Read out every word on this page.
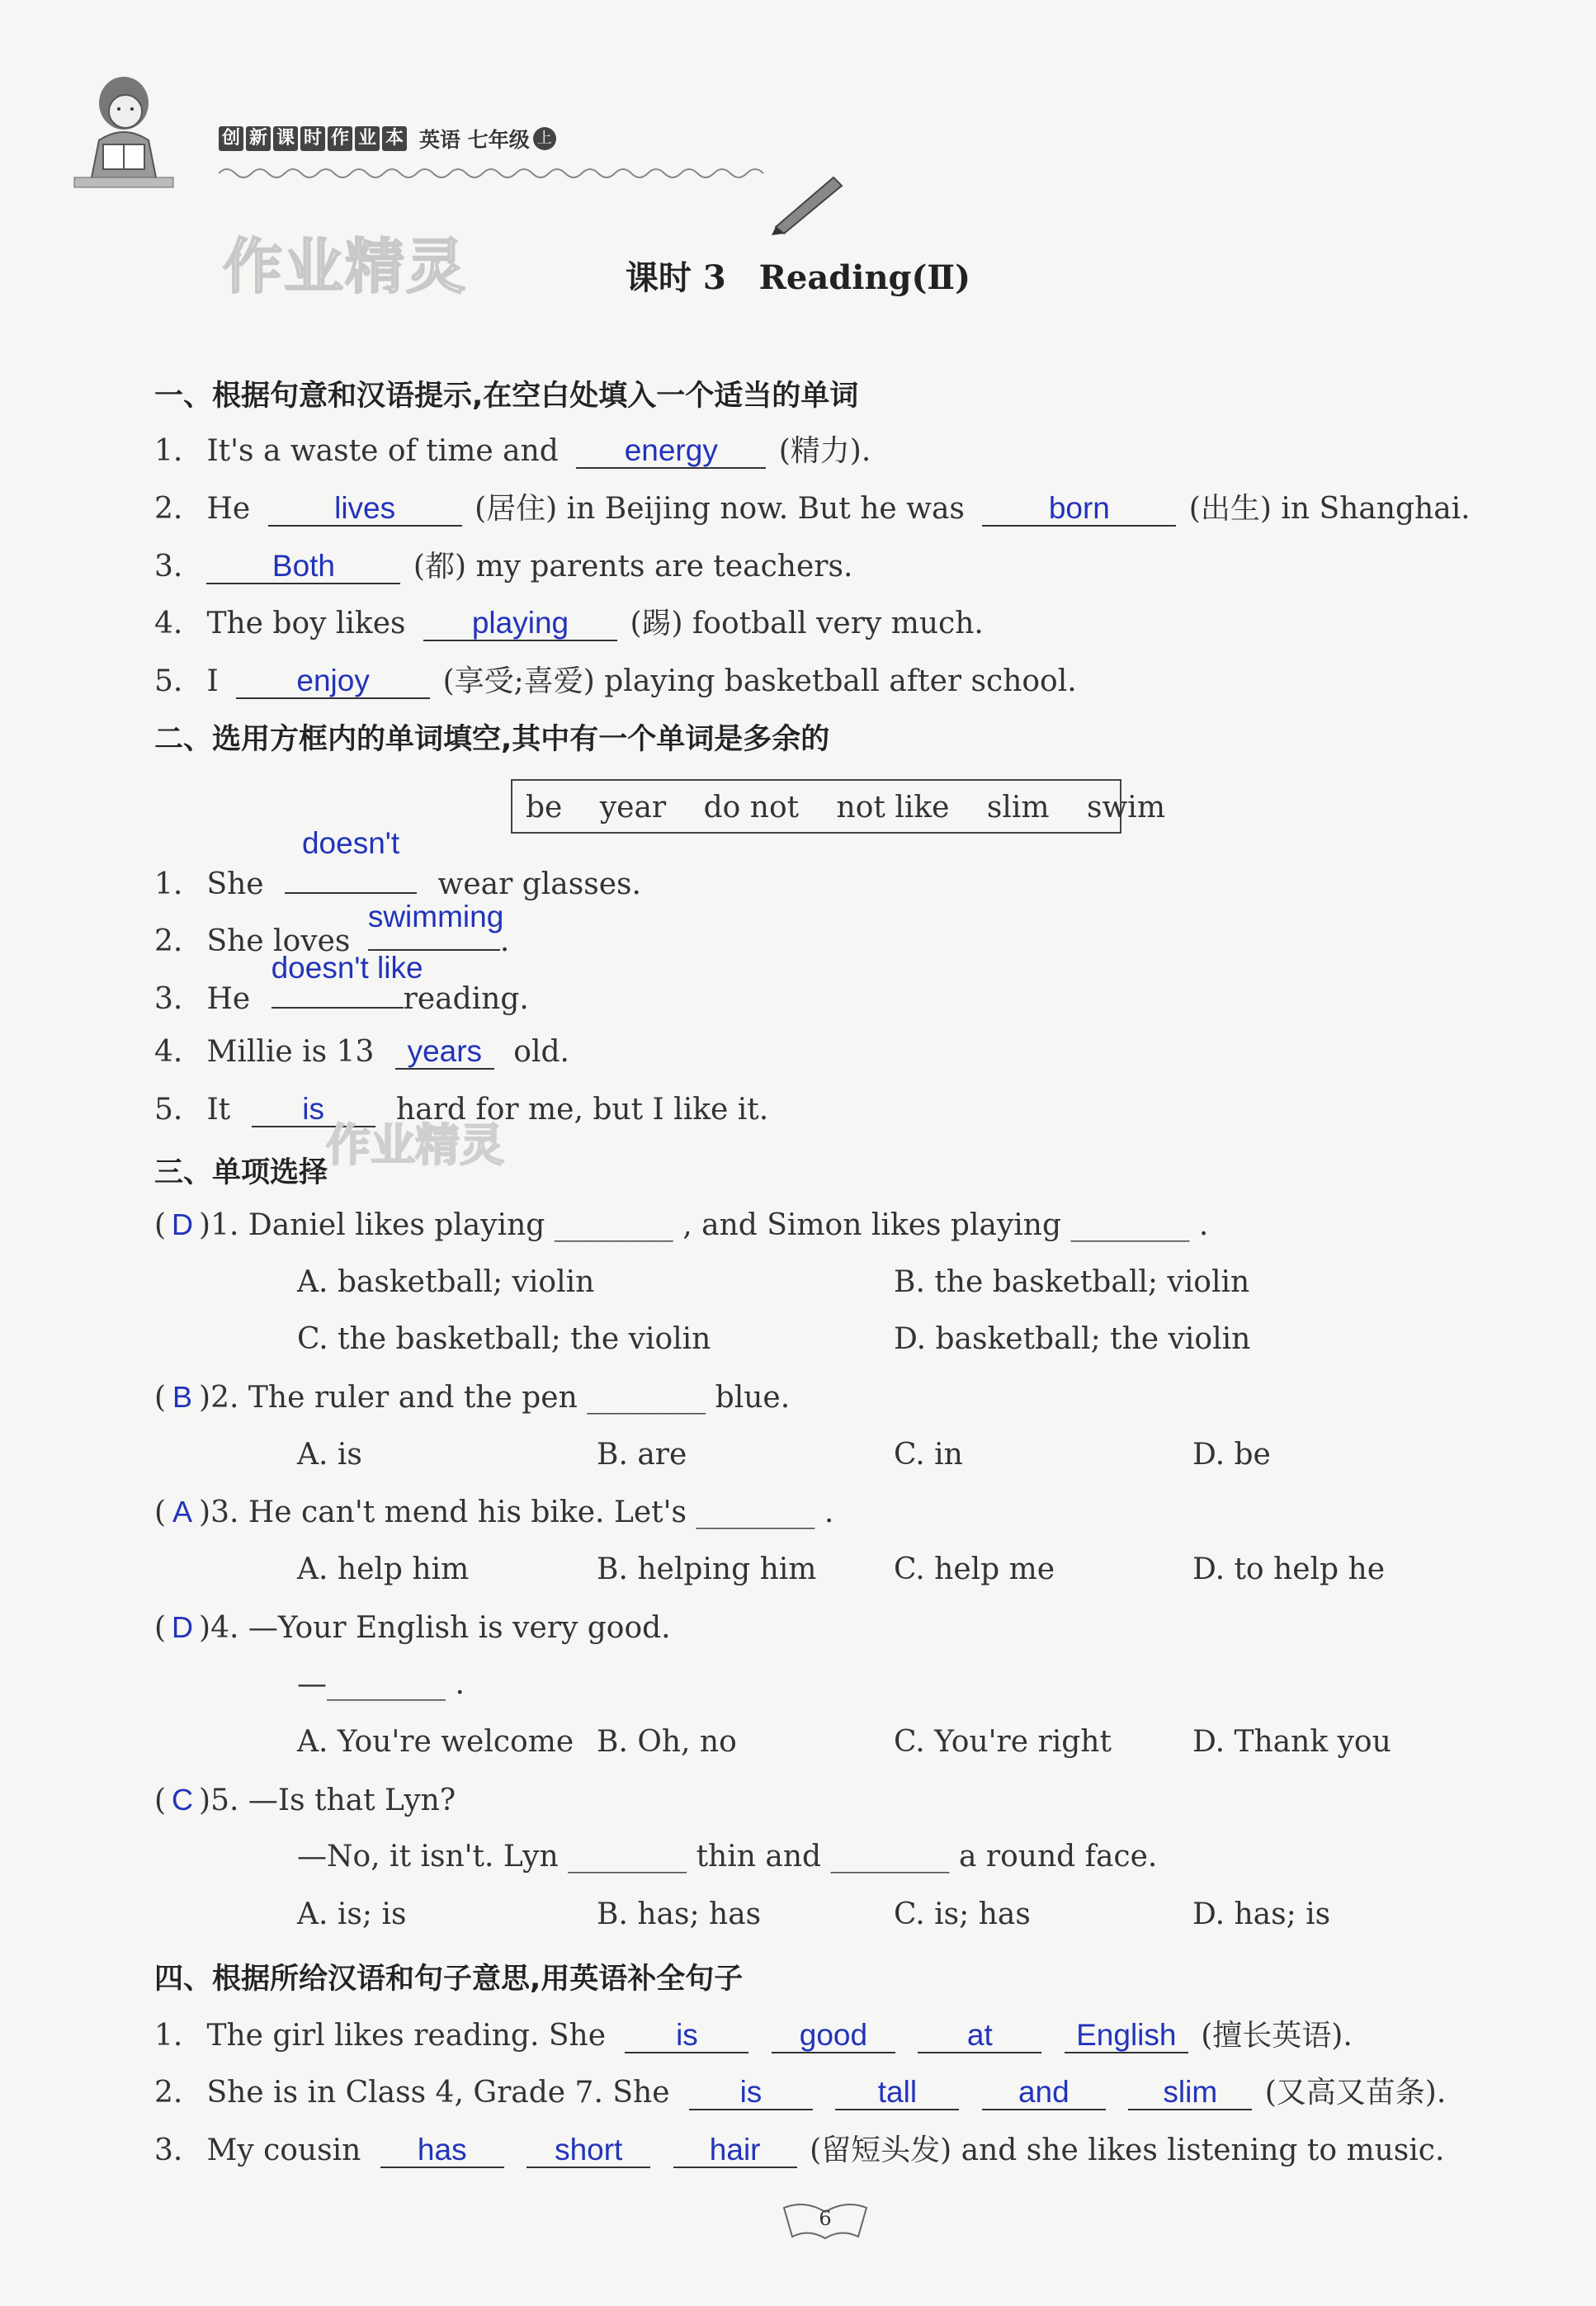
创 新 课 时 作 业 本 英语 七年级 上
作业精灵	课时 3　Reading(Ⅱ)
一、根据句意和汉语提示,在空白处填入一个适当的单词
1. It's a waste of time and energy (精力).
2. He	lives	(居住) in Beijing now. But he was	born	(出生) in Shanghai.
3.	Both	(都) my parents are teachers.
4. The boy likes playing (踢) football very much.
5. I	enjoy (享受;喜爱) playing basketball after school.
二、选用方框内的单词填空,其中有一个单词是多余的
be year do not not like slim swim
1. She
doesn't
wear glasses.
2. She loves
swimming
.
3. He
doesn't like
reading.
4. Millie is 13 years old.
5. It is hard for me, but I like it.
作业精灵
三、单项选择
( D )1. Daniel likes playing ________ , and Simon likes playing ________ .
A. basketball; violin	B. the basketball; violin
C. the basketball; the violin	D. basketball; the violin
( B )2. The ruler and the pen ________ blue.
A. is	B. are	C. in	D. be
( A )3. He can't mend his bike. Let's ________ .
A. help him	B. helping him	C. help me	D. to help he
( D )4. —Your English is very good.
—________ .
A. You're welcome B. Oh, no	C. You're right	D. Thank you
( C )5. —Is that Lyn?
—No, it isn't. Lyn ________ thin and ________ a round face.
A. is; is	B. has; has	C. is; has	D. has; is
四、根据所给汉语和句子意思,用英语补全句子
1. The girl likes reading. She is	good	at	English (擅长英语).
2. She is in Class 4, Grade 7. She is	tall	and	slim (又高又苗条).
3. My cousin has	short	hair (留短头发) and she likes listening to music.
6
